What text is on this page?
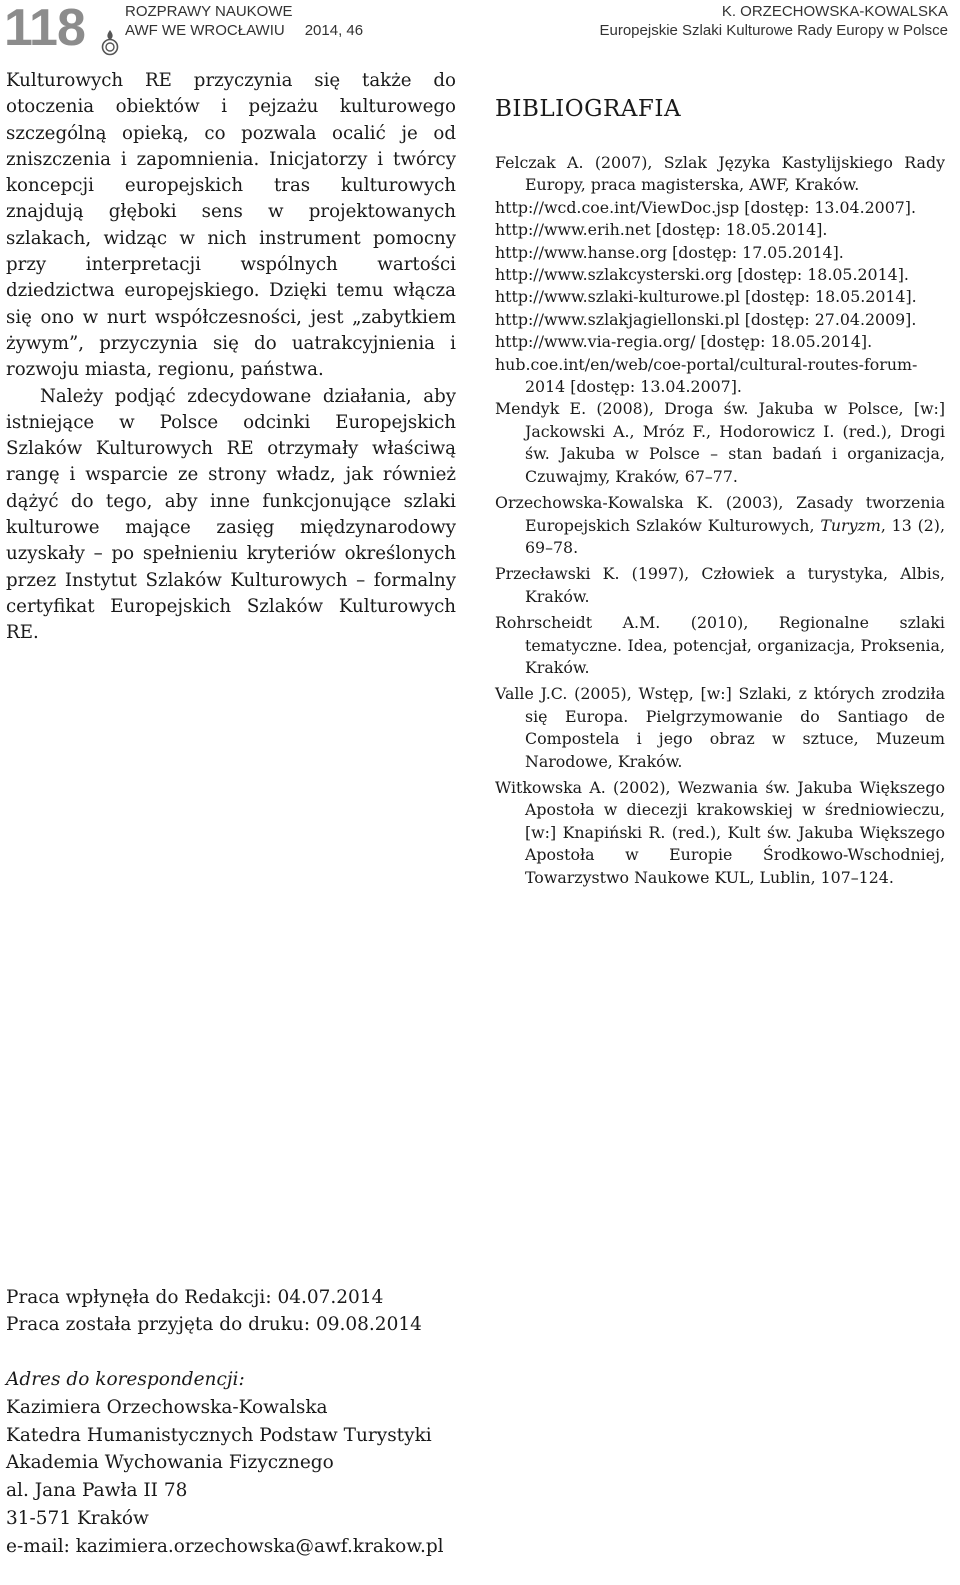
118	ROZPRAWY NAUKOWE
AWF WE WROCŁAWIU 2014, 46
K. ORZECHOWSKA-KOWALSKA
Europejskie Szlaki Kulturowe Rady Europy w Polsce

Kulturowych RE przyczynia się także do otoczenia obiektów i pejzażu kulturowego szczególną opieką, co pozwala ocalić je od zniszczenia i zapomnienia. Inicjatorzy i twórcy koncepcji europejskich tras kulturowych znajdują głęboki sens w projektowanych szlakach, widząc w nich instrument pomocny przy interpretacji wspólnych wartości dziedzictwa europejskiego. Dzięki temu włącza się ono w nurt współczesności, jest „zabytkiem żywym”, przyczynia się do uatrakcyjnienia i rozwoju miasta, regionu, państwa.

Należy podjąć zdecydowane działania, aby istniejące w Polsce odcinki Europejskich Szlaków Kulturowych RE otrzymały właściwą rangę i wsparcie ze strony władz, jak również dążyć do tego, aby inne funkcjonujące szlaki kulturowe mające zasięg międzynarodowy uzyskały – po spełnieniu kryteriów określonych przez Instytut Szlaków Kulturowych – formalny certyfikat Europejskich Szlaków Kulturowych RE.

BIBLIOGRAFIA
Felczak A. (2007), Szlak Języka Kastylijskiego Rady Europy, praca magisterska, AWF, Kraków.
http://wcd.coe.int/ViewDoc.jsp [dostęp: 13.04.2007].
http://www.erih.net [dostęp: 18.05.2014].
http://www.hanse.org [dostęp: 17.05.2014].
http://www.szlakcysterski.org [dostęp: 18.05.2014].
http://www.szlaki-kulturowe.pl [dostęp: 18.05.2014].
http://www.szlakjagiellonski.pl [dostęp: 27.04.2009].
http://www.via-regia.org/ [dostęp: 18.05.2014].
hub.coe.int/en/web/coe-portal/cultural-routes-forum-2014 [dostęp: 13.04.2007].
Mendyk E. (2008), Droga św. Jakuba w Polsce, [w:] Jackowski A., Mróz F., Hodorowicz I. (red.), Drogi św. Jakuba w Polsce – stan badań i organizacja, Czuwajmy, Kraków, 67–77.
Orzechowska-Kowalska K. (2003), Zasady tworzenia Europejskich Szlaków Kulturowych, Turyzm, 13 (2), 69–78.
Przecławski K. (1997), Człowiek a turystyka, Albis, Kraków.
Rohrscheidt A.M. (2010), Regionalne szlaki tematyczne. Idea, potencjał, organizacja, Proksenia, Kraków.
Valle J.C. (2005), Wstęp, [w:] Szlaki, z których zrodziła się Europa. Pielgrzymowanie do Santiago de Compostela i jego obraz w sztuce, Muzeum Narodowe, Kraków.
Witkowska A. (2002), Wezwania św. Jakuba Większego Apostoła w diecezji krakowskiej w średniowieczu, [w:] Knapiński R. (red.), Kult św. Jakuba Większego Apostoła w Europie Środkowo-Wschodniej, Towarzystwo Naukowe KUL, Lublin, 107–124.
Praca wpłynęła do Redakcji: 04.07.2014
Praca została przyjęta do druku: 09.08.2014
Adres do korespondencji:
Kazimiera Orzechowska-Kowalska
Katedra Humanistycznych Podstaw Turystyki
Akademia Wychowania Fizycznego
al. Jana Pawła II 78
31-571 Kraków
e-mail: kazimiera.orzechowska@awf.krakow.pl
